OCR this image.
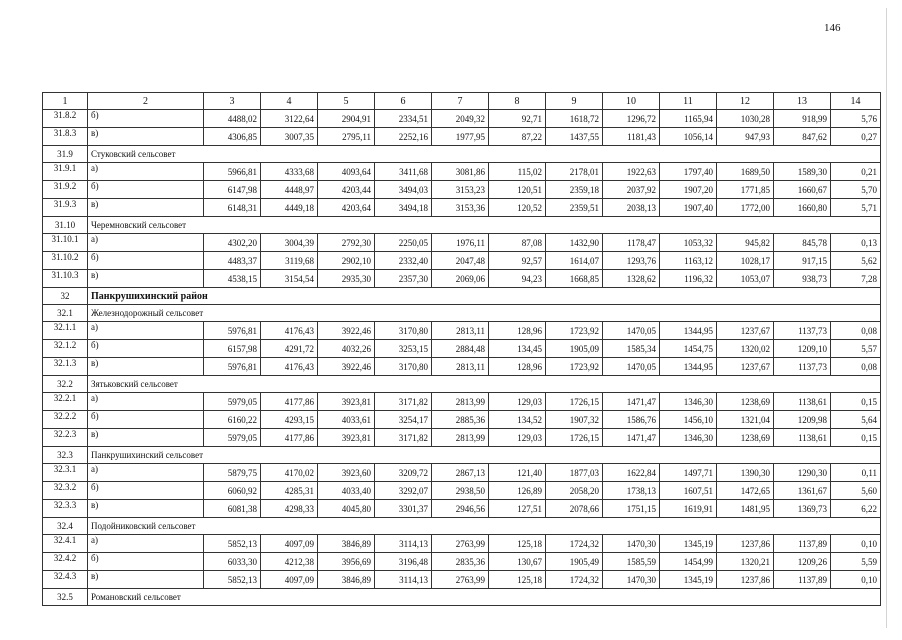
146
1	2	3	4	5	6	7	8	9	10	11	12	13	14
31.8.2	б)	4488,02	3122,64	2904,91	2334,51	2049,32	92,71	1618,72	1296,72	1165,94	1030,28	918,99	5,76
31.8.3	в)	4306,85	3007,35	2795,11	2252,16	1977,95	87,22	1437,55	1181,43	1056,14	947,93	847,62	0,27
31.9	Стуковский сельсовет												
31.9.1	а)	5966,81	4333,68	4093,64	3411,68	3081,86	115,02	2178,01	1922,63	1797,40	1689,50	1589,30	0,21
31.9.2	б)	6147,98	4448,97	4203,44	3494,03	3153,23	120,51	2359,18	2037,92	1907,20	1771,85	1660,67	5,70
31.9.3	в)	6148,31	4449,18	4203,64	3494,18	3153,36	120,52	2359,51	2038,13	1907,40	1772,00	1660,80	5,71
31.10	Черемновский сельсовет												
31.10.1	а)	4302,20	3004,39	2792,30	2250,05	1976,11	87,08	1432,90	1178,47	1053,32	945,82	845,78	0,13
31.10.2	б)	4483,37	3119,68	2902,10	2332,40	2047,48	92,57	1614,07	1293,76	1163,12	1028,17	917,15	5,62
31.10.3	в)	4538,15	3154,54	2935,30	2357,30	2069,06	94,23	1668,85	1328,62	1196,32	1053,07	938,73	7,28
32	Панкрушихинский район												
32.1	Железнодорожный сельсовет												
32.1.1	а)	5976,81	4176,43	3922,46	3170,80	2813,11	128,96	1723,92	1470,05	1344,95	1237,67	1137,73	0,08
32.1.2	б)	6157,98	4291,72	4032,26	3253,15	2884,48	134,45	1905,09	1585,34	1454,75	1320,02	1209,10	5,57
32.1.3	в)	5976,81	4176,43	3922,46	3170,80	2813,11	128,96	1723,92	1470,05	1344,95	1237,67	1137,73	0,08
32.2	Зятьковский сельсовет												
32.2.1	а)	5979,05	4177,86	3923,81	3171,82	2813,99	129,03	1726,15	1471,47	1346,30	1238,69	1138,61	0,15
32.2.2	б)	6160,22	4293,15	4033,61	3254,17	2885,36	134,52	1907,32	1586,76	1456,10	1321,04	1209,98	5,64
32.2.3	в)	5979,05	4177,86	3923,81	3171,82	2813,99	129,03	1726,15	1471,47	1346,30	1238,69	1138,61	0,15
32.3	Панкрушихинский сельсовет												
32.3.1	а)	5879,75	4170,02	3923,60	3209,72	2867,13	121,40	1877,03	1622,84	1497,71	1390,30	1290,30	0,11
32.3.2	б)	6060,92	4285,31	4033,40	3292,07	2938,50	126,89	2058,20	1738,13	1607,51	1472,65	1361,67	5,60
32.3.3	в)	6081,38	4298,33	4045,80	3301,37	2946,56	127,51	2078,66	1751,15	1619,91	1481,95	1369,73	6,22
32.4	Подойниковский сельсовет												
32.4.1	а)	5852,13	4097,09	3846,89	3114,13	2763,99	125,18	1724,32	1470,30	1345,19	1237,86	1137,89	0,10
32.4.2	б)	6033,30	4212,38	3956,69	3196,48	2835,36	130,67	1905,49	1585,59	1454,99	1320,21	1209,26	5,59
32.4.3	в)	5852,13	4097,09	3846,89	3114,13	2763,99	125,18	1724,32	1470,30	1345,19	1237,86	1137,89	0,10
32.5	Романовский сельсовет												
